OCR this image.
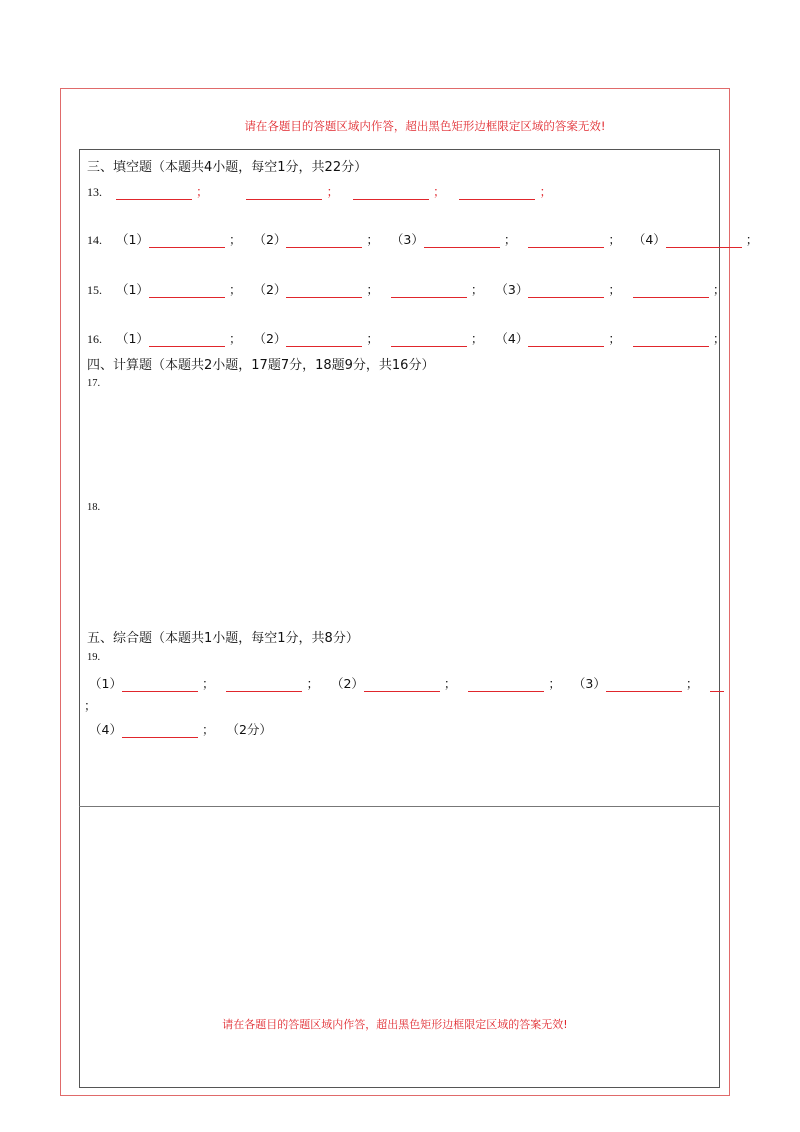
请在各题目的答题区域内作答，超出黑色矩形边框限定区域的答案无效!
三、填空题（本题共4小题，每空1分，共22分）
13.	；	；	；	；
14. （1）	； （2）	； （3）	；	； （4）	；
15. （1）	； （2）	；	； （3）	；	；
16. （1）	； （2）	；	； （4）	；	；
四、计算题（本题共2小题，17题7分，18题9分，共16分）
17.
18.
五、综合题（本题共1小题，每空1分，共8分）
19.
（1）	；	； （2）	；	； （3）	；
；
（4）	； （2分）
请在各题目的答题区域内作答，超出黑色矩形边框限定区域的答案无效!
